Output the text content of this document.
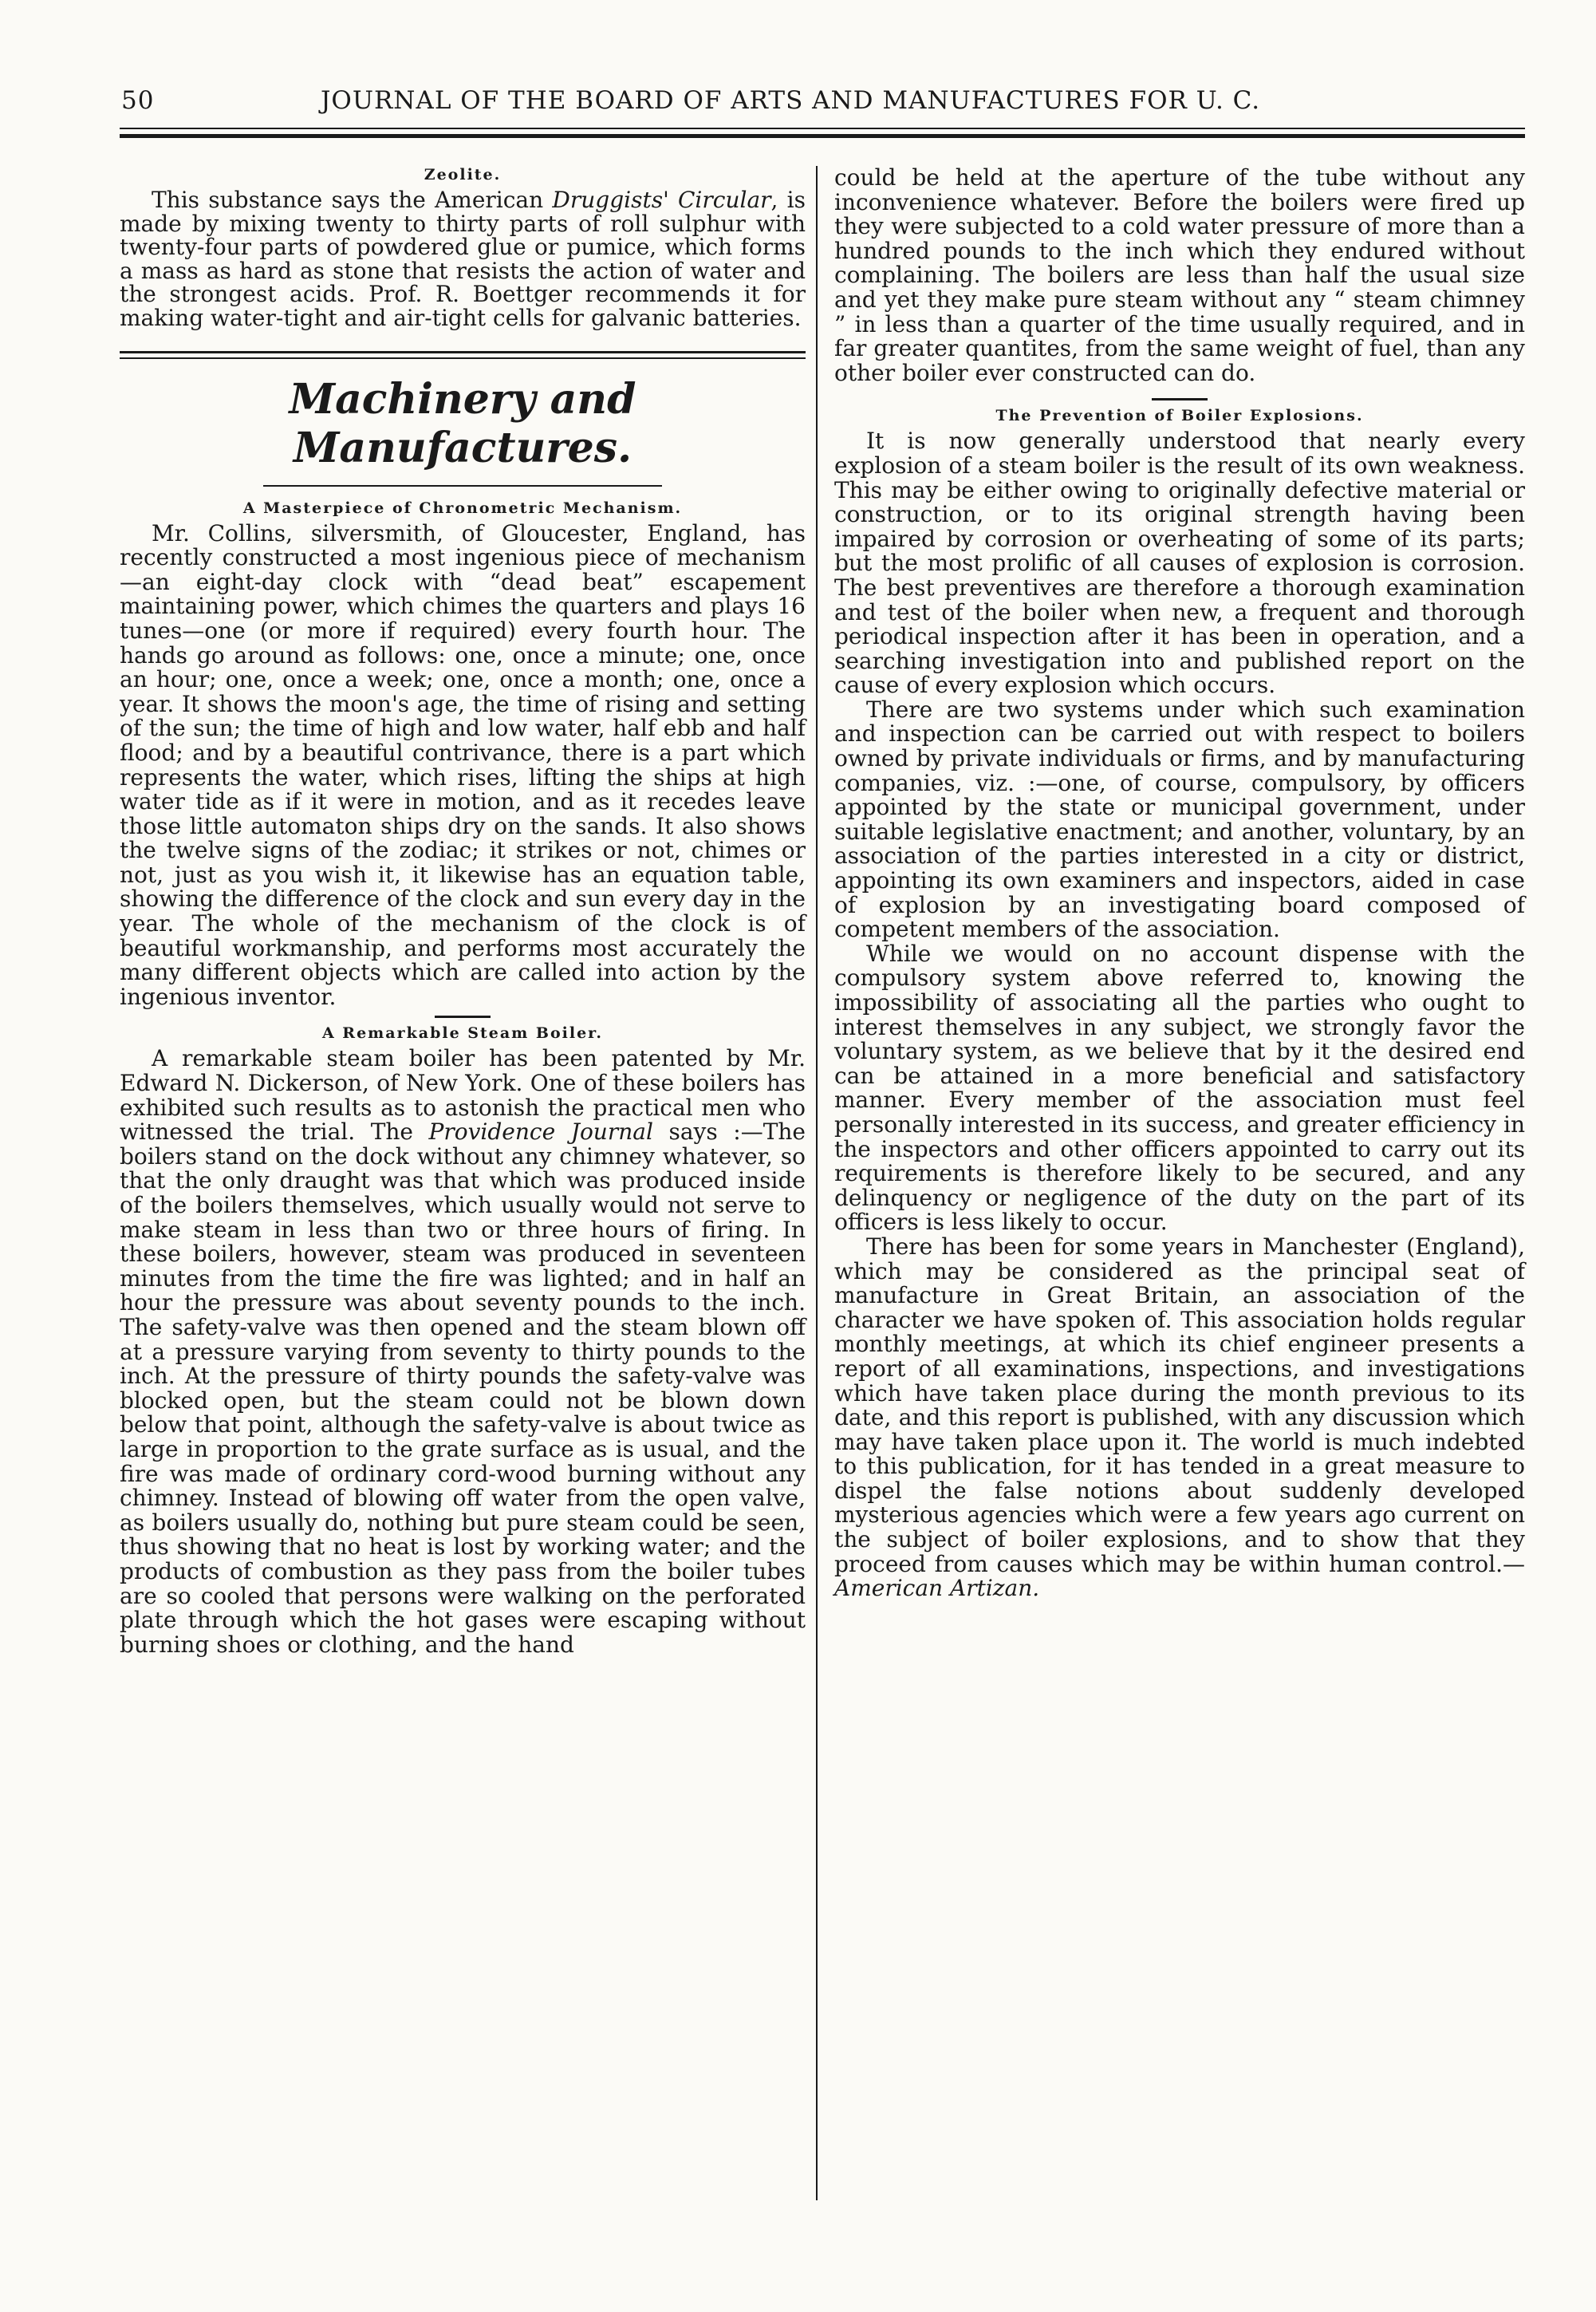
50	JOURNAL OF THE BOARD OF ARTS AND MANUFACTURES FOR U. C.
Zeolite.

This substance says the American Druggists' Circular, is made by mixing twenty to thirty parts of roll sulphur with twenty-four parts of powdered glue or pumice, which forms a mass as hard as stone that resists the action of water and the strongest acids. Prof. R. Boettger recommends it for making water-tight and air-tight cells for galvanic batteries.

Machinery and Manufactures.
A Masterpiece of Chronometric Mechanism.

Mr. Collins, silversmith, of Gloucester, England, has recently constructed a most ingenious piece of mechanism—an eight-day clock with “dead beat” escapement maintaining power, which chimes the quarters and plays 16 tunes—one (or more if required) every fourth hour. The hands go around as follows: one, once a minute; one, once an hour; one, once a week; one, once a month; one, once a year. It shows the moon's age, the time of rising and setting of the sun; the time of high and low water, half ebb and half flood; and by a beautiful contrivance, there is a part which represents the water, which rises, lifting the ships at high water tide as if it were in motion, and as it recedes leave those little automaton ships dry on the sands. It also shows the twelve signs of the zodiac; it strikes or not, chimes or not, just as you wish it, it likewise has an equation table, showing the difference of the clock and sun every day in the year. The whole of the mechanism of the clock is of beautiful workmanship, and performs most accurately the many different objects which are called into action by the ingenious inventor.

A Remarkable Steam Boiler.

A remarkable steam boiler has been patented by Mr. Edward N. Dickerson, of New York. One of these boilers has exhibited such results as to astonish the practical men who witnessed the trial. The Providence Journal says :—The boilers stand on the dock without any chimney whatever, so that the only draught was that which was produced inside of the boilers themselves, which usually would not serve to make steam in less than two or three hours of firing. In these boilers, however, steam was produced in seventeen minutes from the time the fire was lighted; and in half an hour the pressure was about seventy pounds to the inch. The safety-valve was then opened and the steam blown off at a pressure varying from seventy to thirty pounds to the inch. At the pressure of thirty pounds the safety-valve was blocked open, but the steam could not be blown down below that point, although the safety-valve is about twice as large in proportion to the grate surface as is usual, and the fire was made of ordinary cord-wood burning without any chimney. Instead of blowing off water from the open valve, as boilers usually do, nothing but pure steam could be seen, thus showing that no heat is lost by working water; and the products of combustion as they pass from the boiler tubes are so cooled that persons were walking on the perforated plate through which the hot gases were escaping without burning shoes or clothing, and the hand

could be held at the aperture of the tube without any inconvenience whatever. Before the boilers were fired up they were subjected to a cold water pressure of more than a hundred pounds to the inch which they endured without complaining. The boilers are less than half the usual size and yet they make pure steam without any “ steam chimney ” in less than a quarter of the time usually required, and in far greater quantites, from the same weight of fuel, than any other boiler ever constructed can do.

The Prevention of Boiler Explosions.

It is now generally understood that nearly every explosion of a steam boiler is the result of its own weakness. This may be either owing to originally defective material or construction, or to its original strength having been impaired by corrosion or overheating of some of its parts; but the most prolific of all causes of explosion is corrosion. The best preventives are therefore a thorough examination and test of the boiler when new, a frequent and thorough periodical inspection after it has been in operation, and a searching investigation into and published report on the cause of every explosion which occurs.

There are two systems under which such examination and inspection can be carried out with respect to boilers owned by private individuals or firms, and by manufacturing companies, viz. :—one, of course, compulsory, by officers appointed by the state or municipal government, under suitable legislative enactment; and another, voluntary, by an association of the parties interested in a city or district, appointing its own examiners and inspectors, aided in case of explosion by an investigating board composed of competent members of the association.

While we would on no account dispense with the compulsory system above referred to, knowing the impossibility of associating all the parties who ought to interest themselves in any subject, we strongly favor the voluntary system, as we believe that by it the desired end can be attained in a more beneficial and satisfactory manner. Every member of the association must feel personally interested in its success, and greater efficiency in the inspectors and other officers appointed to carry out its requirements is therefore likely to be secured, and any delinquency or negligence of the duty on the part of its officers is less likely to occur.

There has been for some years in Manchester (England), which may be considered as the principal seat of manufacture in Great Britain, an association of the character we have spoken of. This association holds regular monthly meetings, at which its chief engineer presents a report of all examinations, inspections, and investigations which have taken place during the month previous to its date, and this report is published, with any discussion which may have taken place upon it. The world is much indebted to this publication, for it has tended in a great measure to dispel the false notions about suddenly developed mysterious agencies which were a few years ago current on the subject of boiler explosions, and to show that they proceed from causes which may be within human control.—American Artizan.
